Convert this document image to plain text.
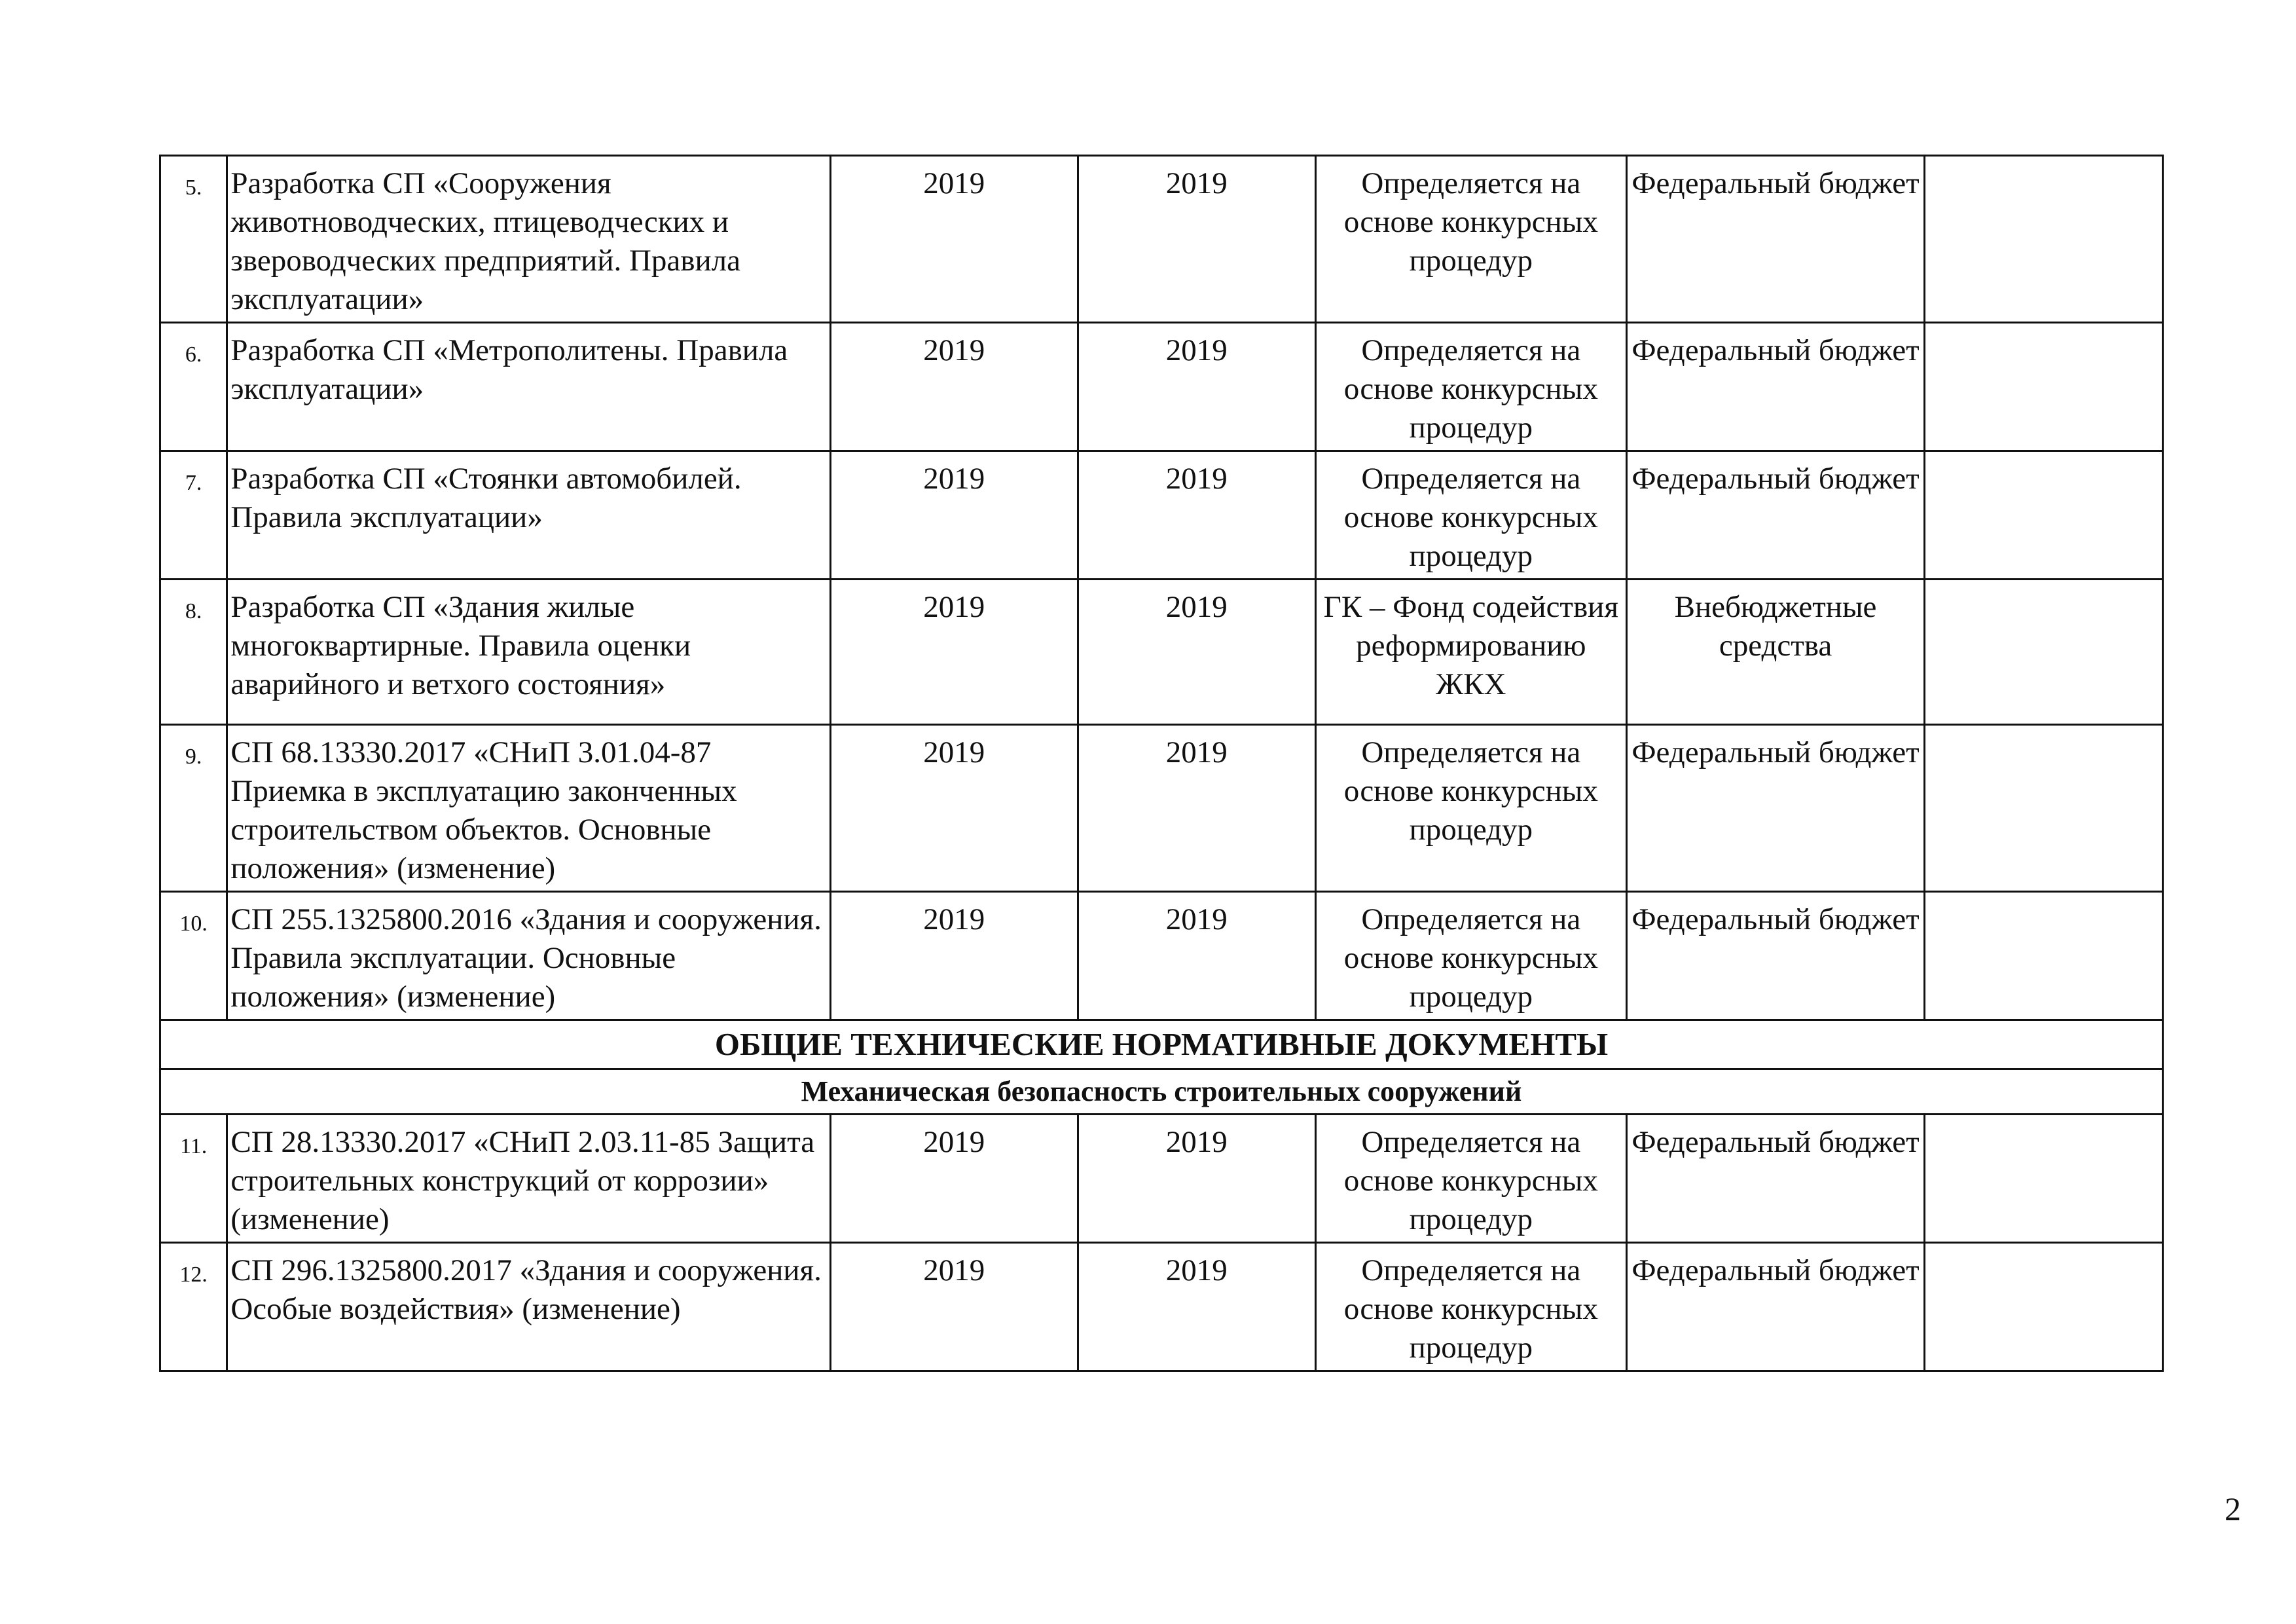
5.	Разработка СП «Сооружения животноводческих, птицеводческих и звероводческих предприятий. Правила эксплуатации»	2019	2019	Определяется на основе конкурсных процедур	Федеральный бюджет	
6.	Разработка СП «Метрополитены. Правила эксплуатации»	2019	2019	Определяется на основе конкурсных процедур	Федеральный бюджет	
7.	Разработка СП «Стоянки автомобилей. Правила эксплуатации»	2019	2019	Определяется на основе конкурсных процедур	Федеральный бюджет	
8.	Разработка СП «Здания жилые многоквартирные. Правила оценки аварийного и ветхого состояния»	2019	2019	ГК – Фонд содействия реформированию ЖКХ	Внебюджетные средства	
9.	СП 68.13330.2017 «СНиП 3.01.04-87 Приемка в эксплуатацию законченных строительством объектов. Основные положения» (изменение)	2019	2019	Определяется на основе конкурсных процедур	Федеральный бюджет	
10.	СП 255.1325800.2016 «Здания и сооружения. Правила эксплуатации. Основные положения» (изменение)	2019	2019	Определяется на основе конкурсных процедур	Федеральный бюджет	
ОБЩИЕ ТЕХНИЧЕСКИЕ НОРМАТИВНЫЕ ДОКУМЕНТЫ						
Механическая безопасность строительных сооружений						
11.	СП 28.13330.2017 «СНиП 2.03.11-85 Защита строительных конструкций от коррозии» (изменение)	2019	2019	Определяется на основе конкурсных процедур	Федеральный бюджет	
12.	СП 296.1325800.2017 «Здания и сооружения. Особые воздействия» (изменение)	2019	2019	Определяется на основе конкурсных процедур	Федеральный бюджет	
2
